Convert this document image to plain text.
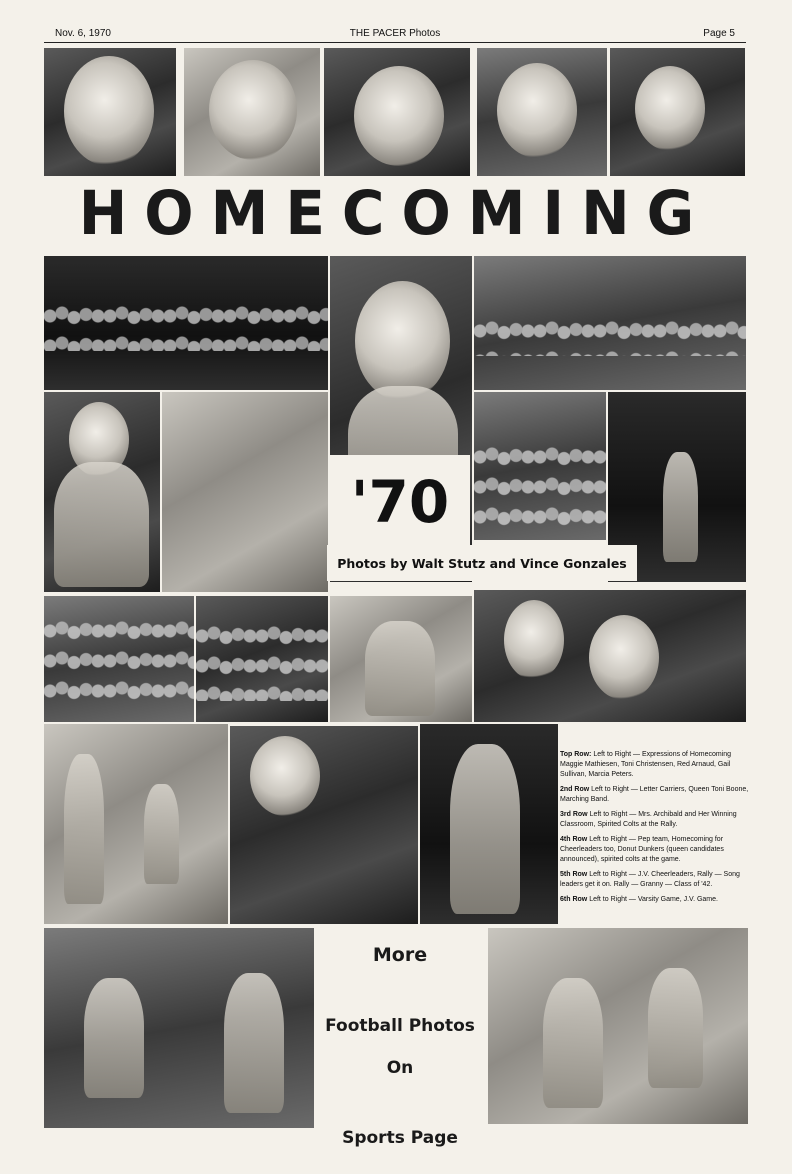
Nov. 6, 1970	THE PACER Photos	Page 5
HOMECOMING
'70
Photos by Walt Stutz and Vince Gonzales

Top Row: Left to Right — Expressions of Homecoming Maggie Mathiesen, Toni Christensen, Red Arnaud, Gail Sullivan, Marcia Peters.

2nd Row Left to Right — Letter Carriers, Queen Toni Boone, Marching Band.

3rd Row Left to Right — Mrs. Archibald and Her Winning Classroom, Spirited Colts at the Rally.

4th Row Left to Right — Pep team, Homecoming for Cheerleaders too, Donut Dunkers (queen candidates announced), spirited colts at the game.

5th Row Left to Right — J.V. Cheerleaders, Rally — Song leaders get it on. Rally — Granny — Class of '42.

6th Row Left to Right — Varsity Game, J.V. Game.

More
Football Photos
On
Sports Page
